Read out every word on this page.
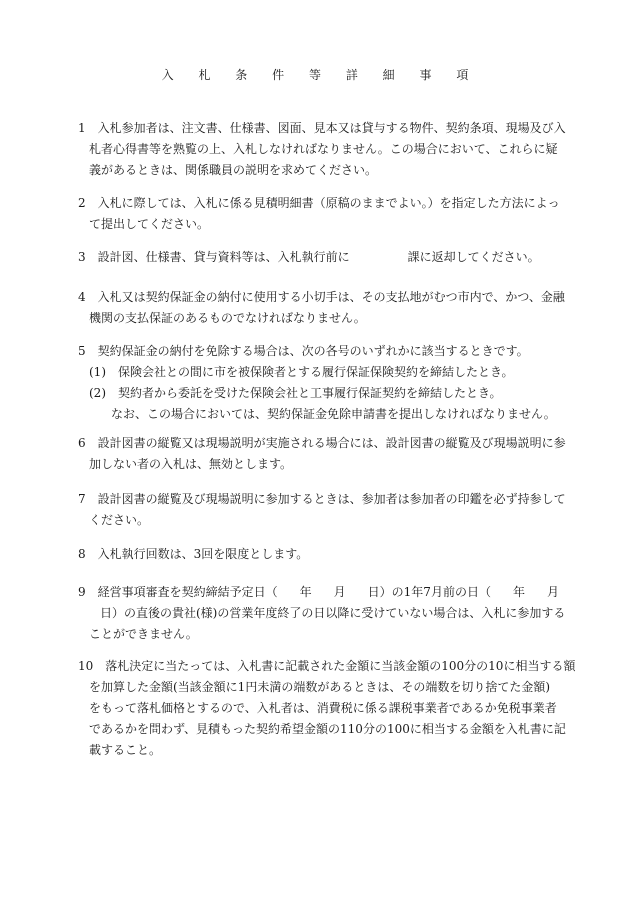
入 札 条 件 等 詳 細 事 項
1　入札参加者は、注文書、仕様書、図面、見本又は貸与する物件、契約条項、現場及び入
札者心得書等を熟覧の上、入札しなければなりません。この場合において、これらに疑
義があるときは、関係職員の説明を求めてください。
2　入札に際しては、入札に係る見積明細書（原稿のままでよい。）を指定した方法によっ
て提出してください。
3　設計図、仕様書、貸与資料等は、入札執行前に	課に返却してください。
4　入札又は契約保証金の納付に使用する小切手は、その支払地がむつ市内で、かつ、金融
機関の支払保証のあるものでなければなりません。
5　契約保証金の納付を免除する場合は、次の各号のいずれかに該当するときです。
(1)　保険会社との間に市を被保険者とする履行保証保険契約を締結したとき。
(2)　契約者から委託を受けた保険会社と工事履行保証契約を締結したとき。
なお、この場合においては、契約保証金免除申請書を提出しなければなりません。
6　設計図書の縦覧又は現場説明が実施される場合には、設計図書の縦覧及び現場説明に参
加しない者の入札は、無効とします。
7　設計図書の縦覧及び現場説明に参加するときは、参加者は参加者の印鑑を必ず持参して
ください。
8　入札執行回数は、3回を限度とします。
9　経営事項審査を契約締結予定日（ 年 月 日）の1年7月前の日（ 年 月
日）の直後の貴社(様)の営業年度終了の日以降に受けていない場合は、入札に参加する
ことができません。
10　落札決定に当たっては、入札書に記載された金額に当該金額の100分の10に相当する額
を加算した金額(当該金額に1円未満の端数があるときは、その端数を切り捨てた金額)
をもって落札価格とするので、入札者は、消費税に係る課税事業者であるか免税事業者
であるかを問わず、見積もった契約希望金額の110分の100に相当する金額を入札書に記
載すること。
